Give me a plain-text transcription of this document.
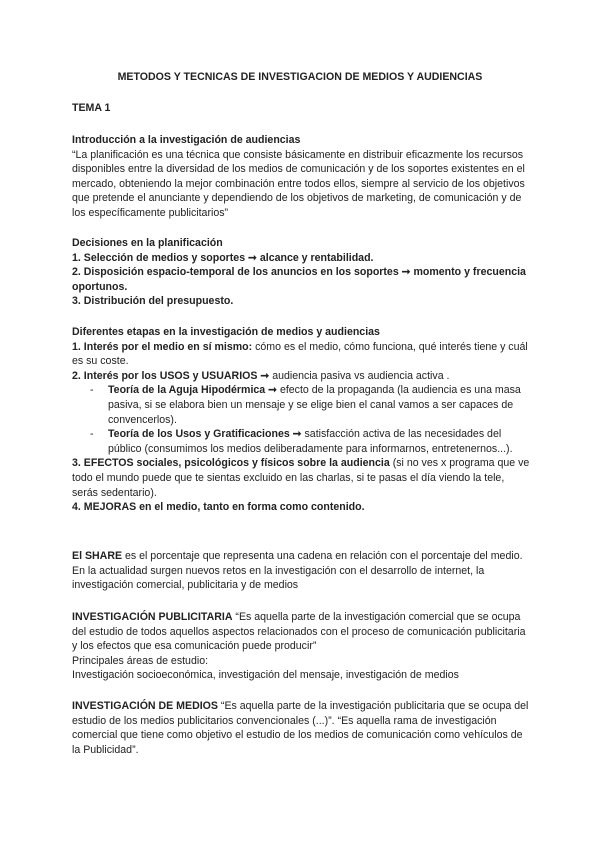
METODOS Y TECNICAS DE INVESTIGACION DE MEDIOS Y AUDIENCIAS
TEMA 1

Introducción a la investigación de audiencias

“La planificación es una técnica que consiste básicamente en distribuir eficazmente los recursos disponibles entre la diversidad de los medios de comunicación y de los soportes existentes en el mercado, obteniendo la mejor combinación entre todos ellos, siempre al servicio de los objetivos que pretende el anunciante y dependiendo de los objetivos de marketing, de comunicación y de los específicamente publicitarios”

Decisiones en la planificación

1. Selección de medios y soportes ➞ alcance y rentabilidad.

2. Disposición espacio-temporal de los anuncios en los soportes ➞ momento y frecuencia oportunos.

3. Distribución del presupuesto.

Diferentes etapas en la investigación de medios y audiencias

1. Interés por el medio en sí mismo: cómo es el medio, cómo funciona, qué interés tiene y cuál es su coste.

2. Interés por los USOS y USUARIOS ➞ audiencia pasiva vs audiencia activa .

- Teoría de la Aguja Hipodérmica ➞ efecto de la propaganda (la audiencia es una masa pasiva, si se elabora bien un mensaje y se elige bien el canal vamos a ser capaces de convencerlos).
- Teoría de los Usos y Gratificaciones ➞ satisfacción activa de las necesidades del público (consumimos los medios deliberadamente para informarnos, entretenernos...).

3. EFECTOS sociales, psicológicos y físicos sobre la audiencia (si no ves x programa que ve todo el mundo puede que te sientas excluido en las charlas, si te pasas el día viendo la tele, serás sedentario).

4. MEJORAS en el medio, tanto en forma como contenido.

El SHARE es el porcentaje que representa una cadena en relación con el porcentaje del medio. En la actualidad surgen nuevos retos en la investigación con el desarrollo de internet, la investigación comercial, publicitaria y de medios

INVESTIGACIÓN PUBLICITARIA “Es aquella parte de la investigación comercial que se ocupa del estudio de todos aquellos aspectos relacionados con el proceso de comunicación publicitaria y los efectos que esa comunicación puede producir”

Principales áreas de estudio:

Investigación socioeconómica, investigación del mensaje, investigación de medios

INVESTIGACIÓN DE MEDIOS “Es aquella parte de la investigación publicitaria que se ocupa del estudio de los medios publicitarios convencionales (...)”. “Es aquella rama de investigación comercial que tiene como objetivo el estudio de los medios de comunicación como vehículos de la Publicidad”.
